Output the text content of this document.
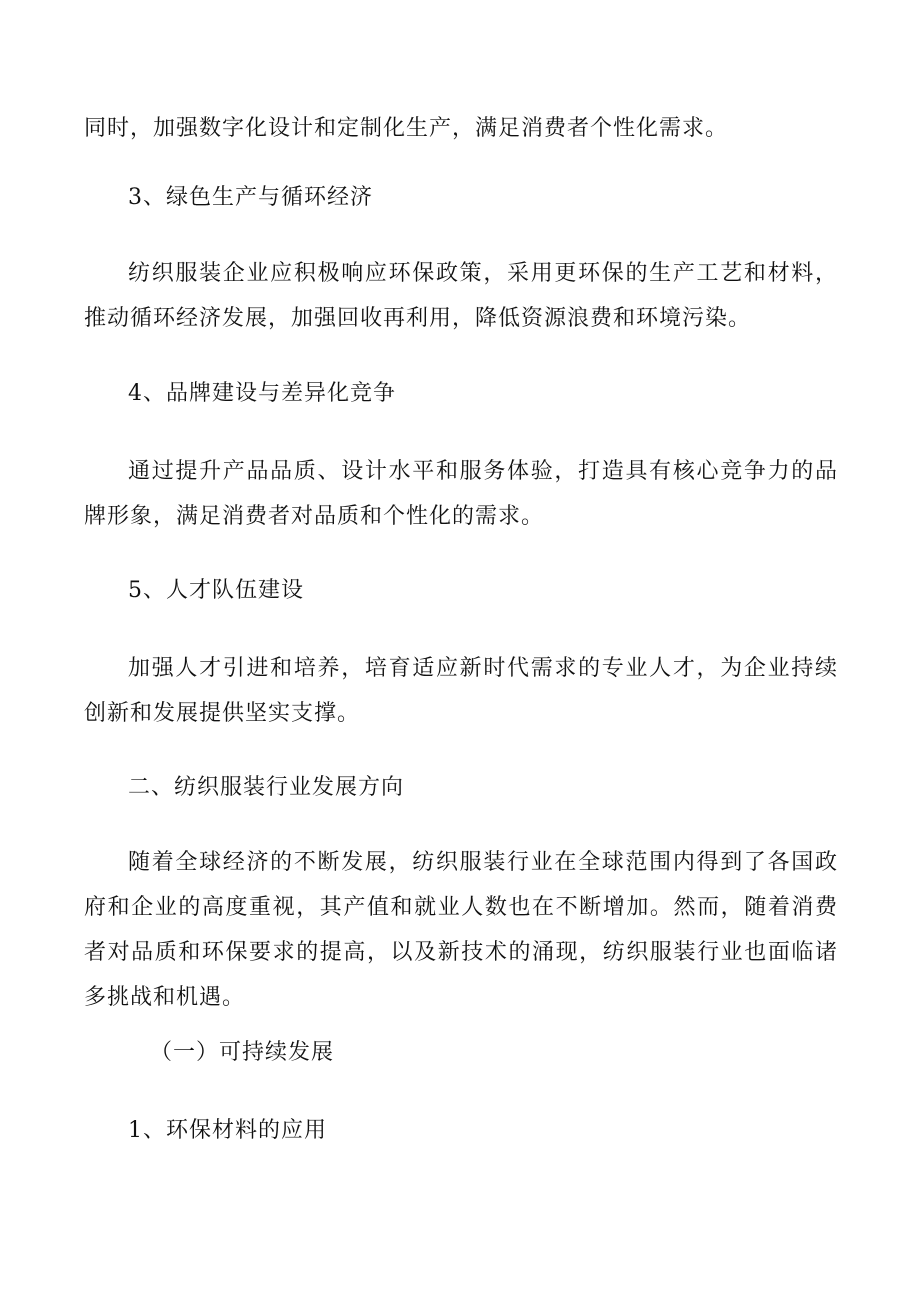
同时，加强数字化设计和定制化生产，满足消费者个性化需求。

3、绿色生产与循环经济

纺织服装企业应积极响应环保政策，采用更环保的生产工艺和材料，推动循环经济发展，加强回收再利用，降低资源浪费和环境污染。

4、品牌建设与差异化竞争

通过提升产品品质、设计水平和服务体验，打造具有核心竞争力的品牌形象，满足消费者对品质和个性化的需求。

5、人才队伍建设

加强人才引进和培养，培育适应新时代需求的专业人才，为企业持续创新和发展提供坚实支撑。

二、纺织服装行业发展方向

随着全球经济的不断发展，纺织服装行业在全球范围内得到了各国政府和企业的高度重视，其产值和就业人数也在不断增加。然而，随着消费者对品质和环保要求的提高，以及新技术的涌现，纺织服装行业也面临诸多挑战和机遇。

（一）可持续发展

1、环保材料的应用
